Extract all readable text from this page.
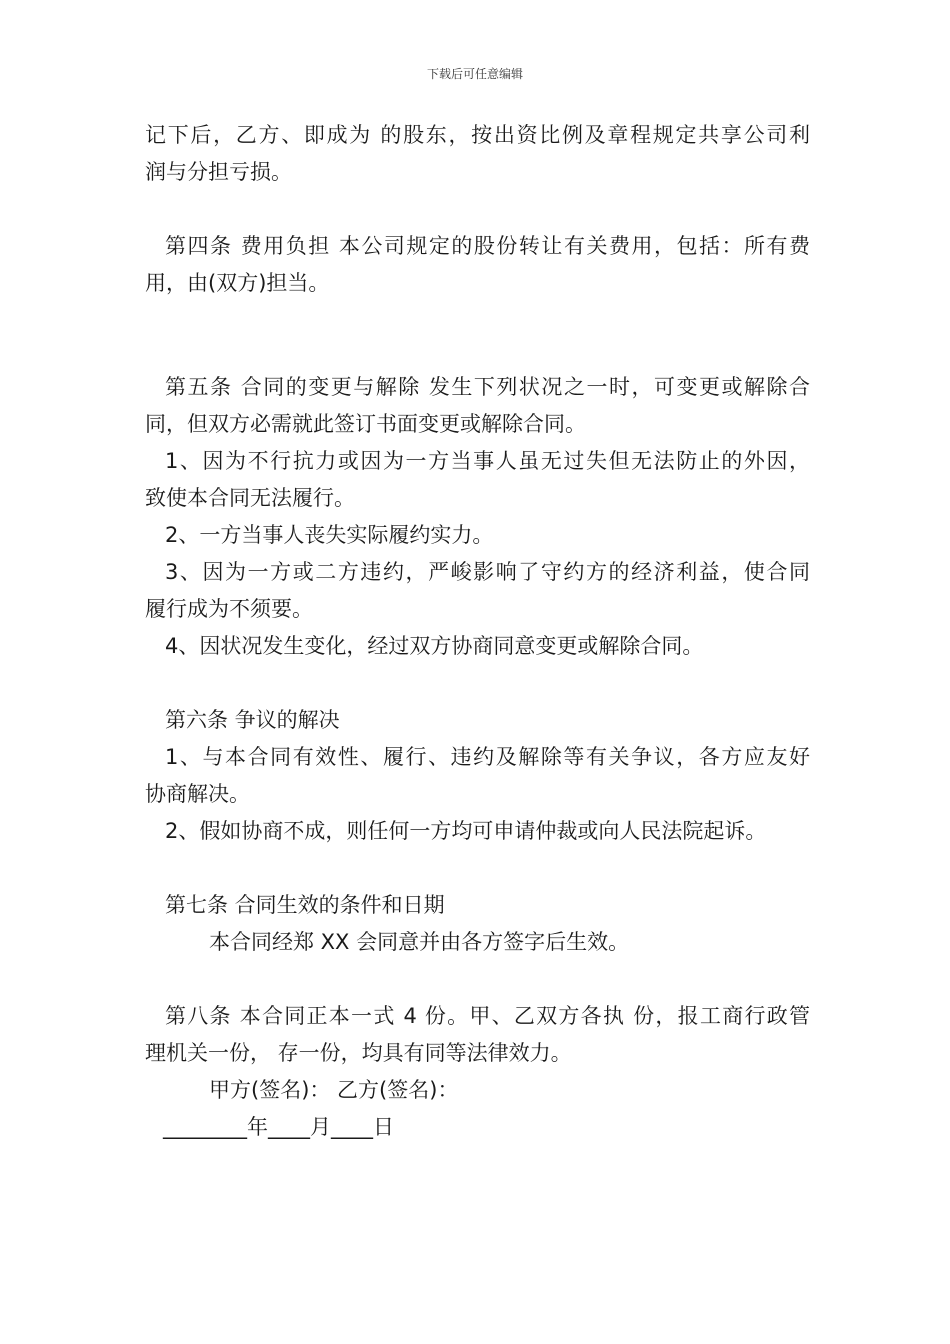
下载后可任意编辑
记下后，乙方、即成为 的股东，按出资比例及章程规定共享公司利
润与分担亏损。
第四条 费用负担 本公司规定的股份转让有关费用，包括：所有费
用，由(双方)担当。
第五条 合同的变更与解除 发生下列状况之一时，可变更或解除合
同，但双方必需就此签订书面变更或解除合同。
1、因为不行抗力或因为一方当事人虽无过失但无法防止的外因，
致使本合同无法履行。
2、一方当事人丧失实际履约实力。
3、因为一方或二方违约，严峻影响了守约方的经济利益，使合同
履行成为不须要。
4、因状况发生变化，经过双方协商同意变更或解除合同。
第六条 争议的解决
1、与本合同有效性、履行、违约及解除等有关争议，各方应友好
协商解决。
2、假如协商不成，则任何一方均可申请仲裁或向人民法院起诉。
第七条 合同生效的条件和日期
本合同经郑 XX 会同意并由各方签字后生效。
第八条 本合同正本一式 4 份。甲、乙双方各执 份，报工商行政管
理机关一份， 存一份，均具有同等法律效力。
甲方(签名)： 乙方(签名)：
________年____月____日
